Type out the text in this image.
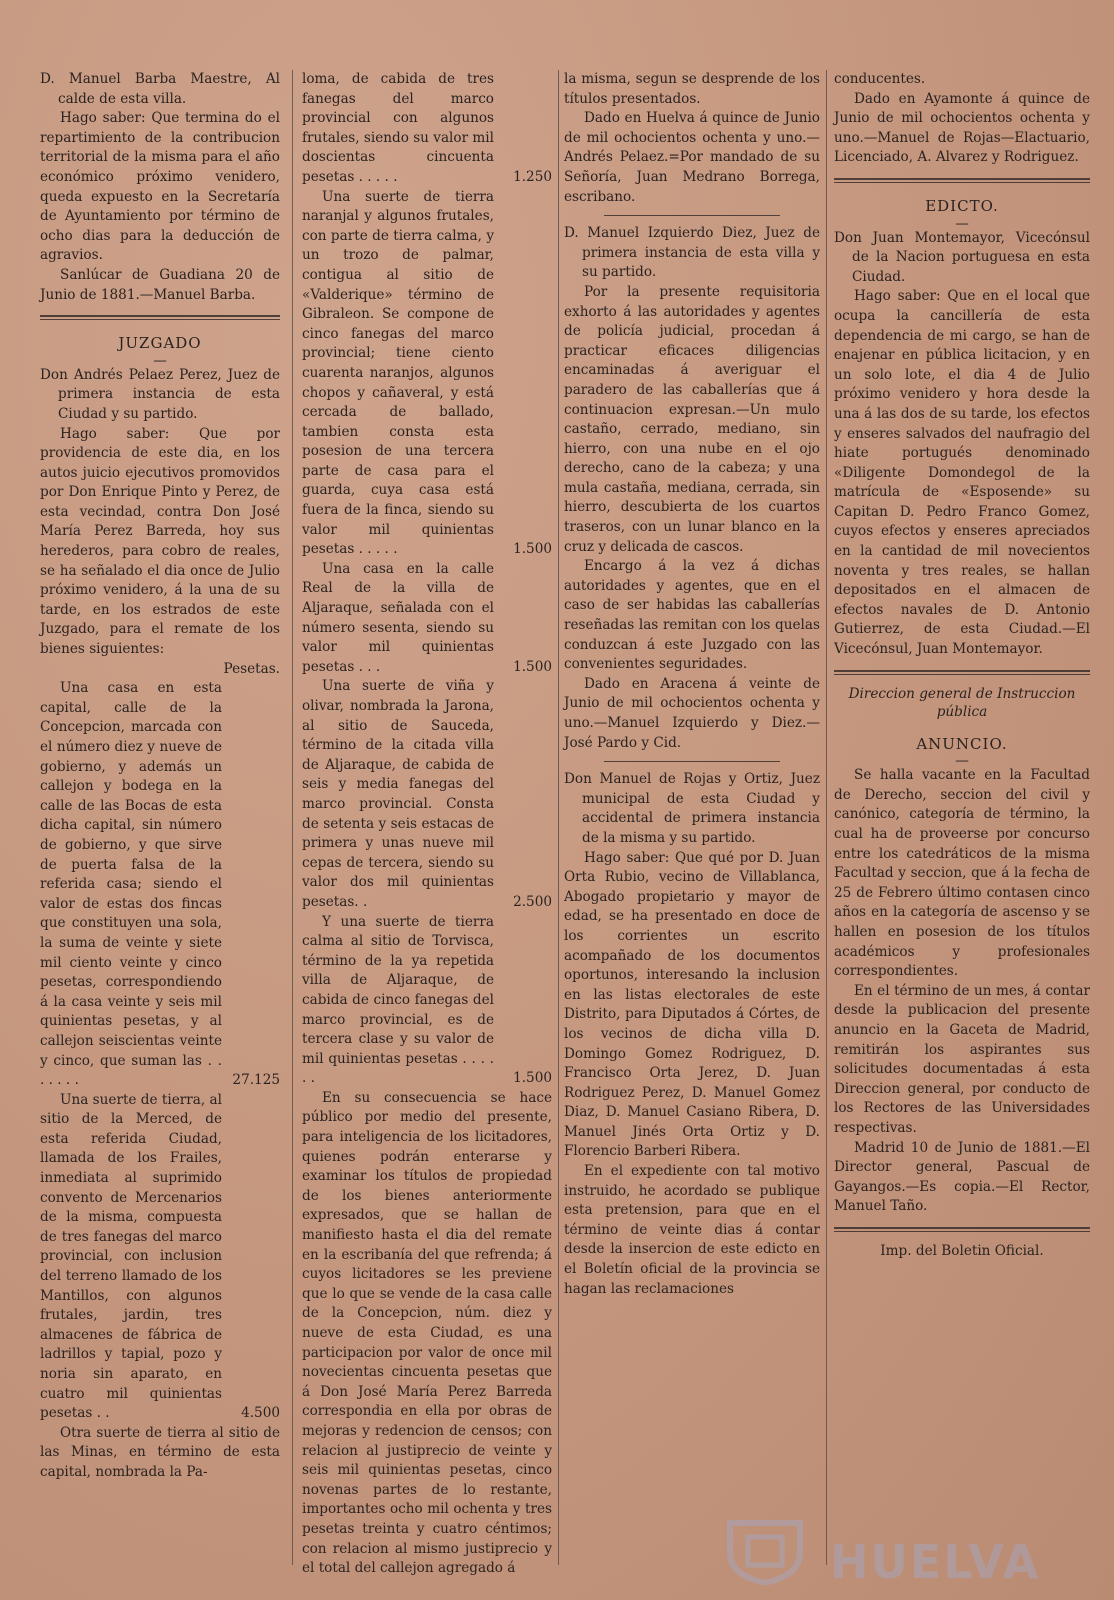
D. Manuel Barba Maestre, Al calde de esta villa.

Hago saber: Que termina do el repartimiento de la contribucion territorial de la misma para el año económico próximo venidero, queda expuesto en la Secretaría de Ayuntamiento por término de ocho dias para la deducción de agravios.

Sanlúcar de Guadiana 20 de Junio de 1881.—Manuel Barba.

JUZGADO
—

Don Andrés Pelaez Perez, Juez de primera instancia de esta Ciudad y su partido.

Hago saber: Que por providencia de este dia, en los autos juicio ejecutivos promovidos por Don Enrique Pinto y Perez, de esta vecindad, contra Don José María Perez Barreda, hoy sus herederos, para cobro de reales, se ha señalado el dia once de Julio próximo venidero, á la una de su tarde, en los estrados de este Juzgado, para el remate de los bienes siguientes:

Pesetas.

Una casa en esta capital, calle de la Concepcion, marcada con el número diez y nueve de gobierno, y además un callejon y bodega en la calle de las Bocas de esta dicha capital, sin número de gobierno, y que sirve de puerta falsa de la referida casa; siendo el valor de estas dos fincas que constituyen una sola, la suma de veinte y siete mil ciento veinte y cinco pesetas, correspondiendo á la casa veinte y seis mil quinientas pesetas, y al callejon seiscientas veinte y cinco, que suman las . . . . . . .	27.125

Una suerte de tierra, al sitio de la Merced, de esta referida Ciudad, llamada de los Frailes, inmediata al suprimido convento de Mercenarios de la misma, compuesta de tres fanegas del marco provincial, con inclusion del terreno llamado de los Mantillos, con algunos frutales, jardin, tres almacenes de fábrica de ladrillos y tapial, pozo y noria sin aparato, en cuatro mil quinientas pesetas . .	4.500

Otra suerte de tierra al sitio de las Minas, en término de esta capital, nombrada la Pa-

loma, de cabida de tres fanegas del marco provincial con algunos frutales, siendo su valor mil doscientas cincuenta pesetas . . . . .	1.250

Una suerte de tierra naranjal y algunos frutales, con parte de tierra calma, y un trozo de palmar, contigua al sitio de «Valderique» término de Gibraleon. Se compone de cinco fanegas del marco provincial; tiene ciento cuarenta naranjos, algunos chopos y cañaveral, y está cercada de ballado, tambien consta esta posesion de una tercera parte de casa para el guarda, cuya casa está fuera de la finca, siendo su valor mil quinientas pesetas . . . . .	1.500

Una casa en la calle Real de la villa de Aljaraque, señalada con el número sesenta, siendo su valor mil quinientas pesetas . . .	1.500

Una suerte de viña y olivar, nombrada la Jarona, al sitio de Sauceda, término de la citada villa de Aljaraque, de cabida de seis y media fanegas del marco provincial. Consta de setenta y seis estacas de primera y unas nueve mil cepas de tercera, siendo su valor dos mil quinientas pesetas. .	2.500

Y una suerte de tierra calma al sitio de Torvisca, término de la ya repetida villa de Aljaraque, de cabida de cinco fanegas del marco provincial, es de tercera clase y su valor de mil quinientas pesetas . . . . . .	1.500

En su consecuencia se hace público por medio del presente, para inteligencia de los licitadores, quienes podrán enterarse y examinar los títulos de propiedad de los bienes anteriormente expresados, que se hallan de manifiesto hasta el dia del remate en la escribanía del que refrenda; á cuyos licitadores se les previene que lo que se vende de la casa calle de la Concepcion, núm. diez y nueve de esta Ciudad, es una participacion por valor de once mil novecientas cincuenta pesetas que á Don José María Perez Barreda correspondia en ella por obras de mejoras y redencion de censos; con relacion al justiprecio de veinte y seis mil quinientas pesetas, cinco novenas partes de lo restante, importantes ocho mil ochenta y tres pesetas treinta y cuatro céntimos; con relacion al mismo justiprecio y el total del callejon agregado á

la misma, segun se desprende de los títulos presentados.

Dado en Huelva á quince de Junio de mil ochocientos ochenta y uno.—Andrés Pelaez.=Por mandado de su Señoría, Juan Medrano Borrega, escribano.

D. Manuel Izquierdo Diez, Juez de primera instancia de esta villa y su partido.

Por la presente requisitoria exhorto á las autoridades y agentes de policía judicial, procedan á practicar eficaces diligencias encaminadas á averiguar el paradero de las caballerías que á continuacion expresan.—Un mulo castaño, cerrado, mediano, sin hierro, con una nube en el ojo derecho, cano de la cabeza; y una mula castaña, mediana, cerrada, sin hierro, descubierta de los cuartos traseros, con un lunar blanco en la cruz y delicada de cascos.

Encargo á la vez á dichas autoridades y agentes, que en el caso de ser habidas las caballerías reseñadas las remitan con los quelas conduzcan á este Juzgado con las convenientes seguridades.

Dado en Aracena á veinte de Junio de mil ochocientos ochenta y uno.—Manuel Izquierdo y Diez.—José Pardo y Cid.

Don Manuel de Rojas y Ortiz, Juez municipal de esta Ciudad y accidental de primera instancia de la misma y su partido.

Hago saber: Que qué por D. Juan Orta Rubio, vecino de Villablanca, Abogado propietario y mayor de edad, se ha presentado en doce de los corrientes un escrito acompañado de los documentos oportunos, interesando la inclusion en las listas electorales de este Distrito, para Diputados á Córtes, de los vecinos de dicha villa D. Domingo Gomez Rodriguez, D. Francisco Orta Jerez, D. Juan Rodriguez Perez, D. Manuel Gomez Diaz, D. Manuel Casiano Ribera, D. Manuel Jinés Orta Ortiz y D. Florencio Barberi Ribera.

En el expediente con tal motivo instruido, he acordado se publique esta pretension, para que en el término de veinte dias á contar desde la insercion de este edicto en el Boletín oficial de la provincia se hagan las reclamaciones

conducentes.

Dado en Ayamonte á quince de Junio de mil ochocientos ochenta y uno.—Manuel de Rojas—Elactuario, Licenciado, A. Alvarez y Rodriguez.

EDICTO.
—

Don Juan Montemayor, Vicecónsul de la Nacion portuguesa en esta Ciudad.

Hago saber: Que en el local que ocupa la cancillería de esta dependencia de mi cargo, se han de enajenar en pública licitacion, y en un solo lote, el dia 4 de Julio próximo venidero y hora desde la una á las dos de su tarde, los efectos y enseres salvados del naufragio del hiate portugués denominado «Diligente Domondegol de la matrícula de «Esposende» su Capitan D. Pedro Franco Gomez, cuyos efectos y enseres apreciados en la cantidad de mil novecientos noventa y tres reales, se hallan depositados en el almacen de efectos navales de D. Antonio Gutierrez, de esta Ciudad.—El Vicecónsul, Juan Montemayor.

Direccion general de Instruccion pública
ANUNCIO.
—

Se halla vacante en la Facultad de Derecho, seccion del civil y canónico, categoría de término, la cual ha de proveerse por concurso entre los catedráticos de la misma Facultad y seccion, que á la fecha de 25 de Febrero último contasen cinco años en la categoría de ascenso y se hallen en posesion de los títulos académicos y profesionales correspondientes.

En el término de un mes, á contar desde la publicacion del presente anuncio en la Gaceta de Madrid, remitirán los aspirantes sus solicitudes documentadas á esta Direccion general, por conducto de los Rectores de las Universidades respectivas.

Madrid 10 de Junio de 1881.—El Director general, Pascual de Gayangos.—Es copia.—El Rector, Manuel Taño.

Imp. del Boletin Oficial.

HUELVA
